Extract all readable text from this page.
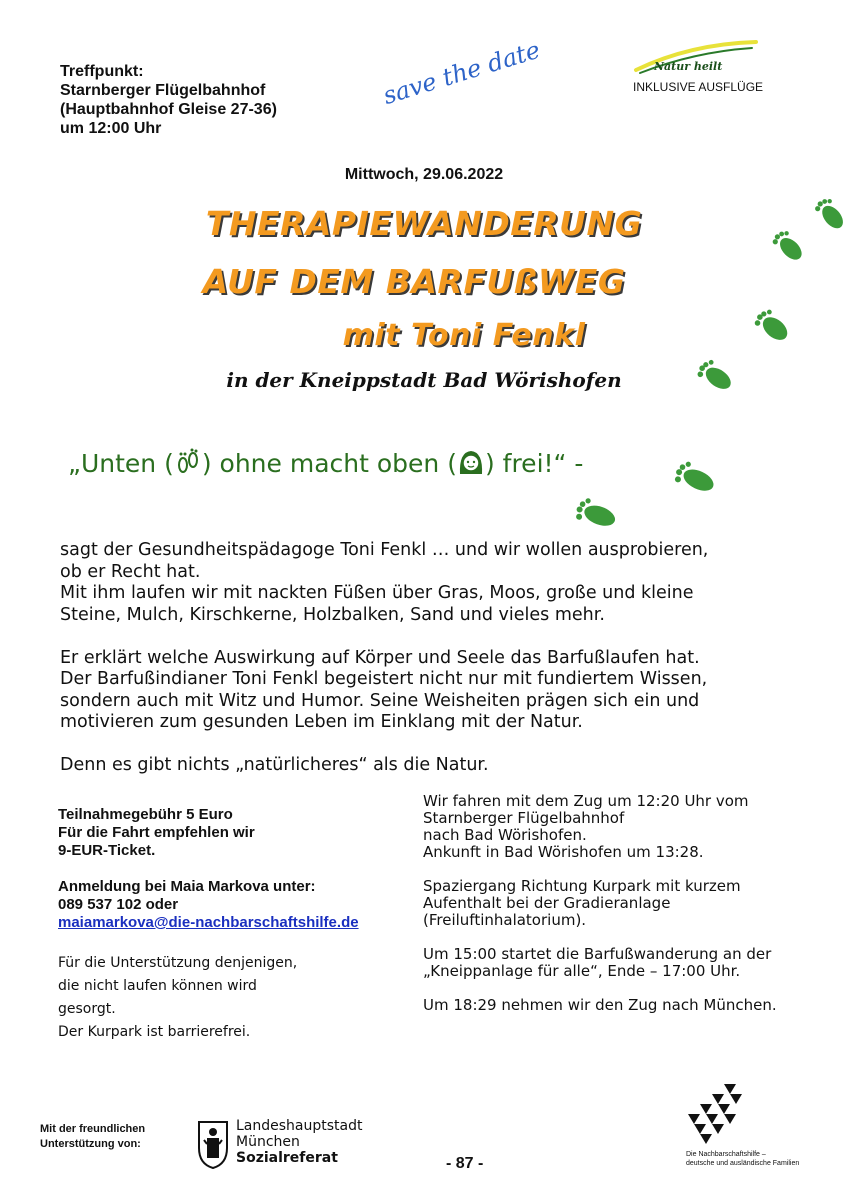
Treffpunkt:
Starnberger Flügelbahnhof
(Hauptbahnhof Gleise 27-36)
um 12:00 Uhr
save the date	Natur heilt
INKLUSIVE AUSFLÜGE
Mittwoch, 29.06.2022
THERAPIEWANDERUNG
AUF DEM BARFUßWEG
mit Toni Fenkl
in der Kneippstadt Bad Wörishofen
„Unten ( ) ohne macht oben ( ) frei!“ -

sagt der Gesundheitspädagoge Toni Fenkl … und wir wollen ausprobieren,
ob er Recht hat.
Mit ihm laufen wir mit nackten Füßen über Gras, Moos, große und kleine
Steine, Mulch, Kirschkerne, Holzbalken, Sand und vieles mehr.

Er erklärt welche Auswirkung auf Körper und Seele das Barfußlaufen hat.
Der Barfußindianer Toni Fenkl begeistert nicht nur mit fundiertem Wissen,
sondern auch mit Witz und Humor. Seine Weisheiten prägen sich ein und
motivieren zum gesunden Leben im Einklang mit der Natur.

Denn es gibt nichts „natürlicheres“ als die Natur.

Teilnahmegebühr 5 Euro
Für die Fahrt empfehlen wir
9-EUR-Ticket.
Anmeldung bei Maia Markova unter:
089 537 102 oder
maiamarkova@die-nachbarschaftshilfe.de
Für die Unterstützung denjenigen,
die nicht laufen können wird
gesorgt.
Der Kurpark ist barrierefrei.

Wir fahren mit dem Zug um 12:20 Uhr vom
Starnberger Flügelbahnhof
nach Bad Wörishofen.
Ankunft in Bad Wörishofen um 13:28.

Spaziergang Richtung Kurpark mit kurzem
Aufenthalt bei der Gradieranlage
(Freiluftinhalatorium).

Um 15:00 startet die Barfußwanderung an der
„Kneippanlage für alle“, Ende – 17:00 Uhr.

Um 18:29 nehmen wir den Zug nach München.

Mit der freundlichen
Unterstützung von:
Landeshauptstadt
München
Sozialreferat	- 87 -
Die Nachbarschaftshilfe –
deutsche und ausländische Familien
